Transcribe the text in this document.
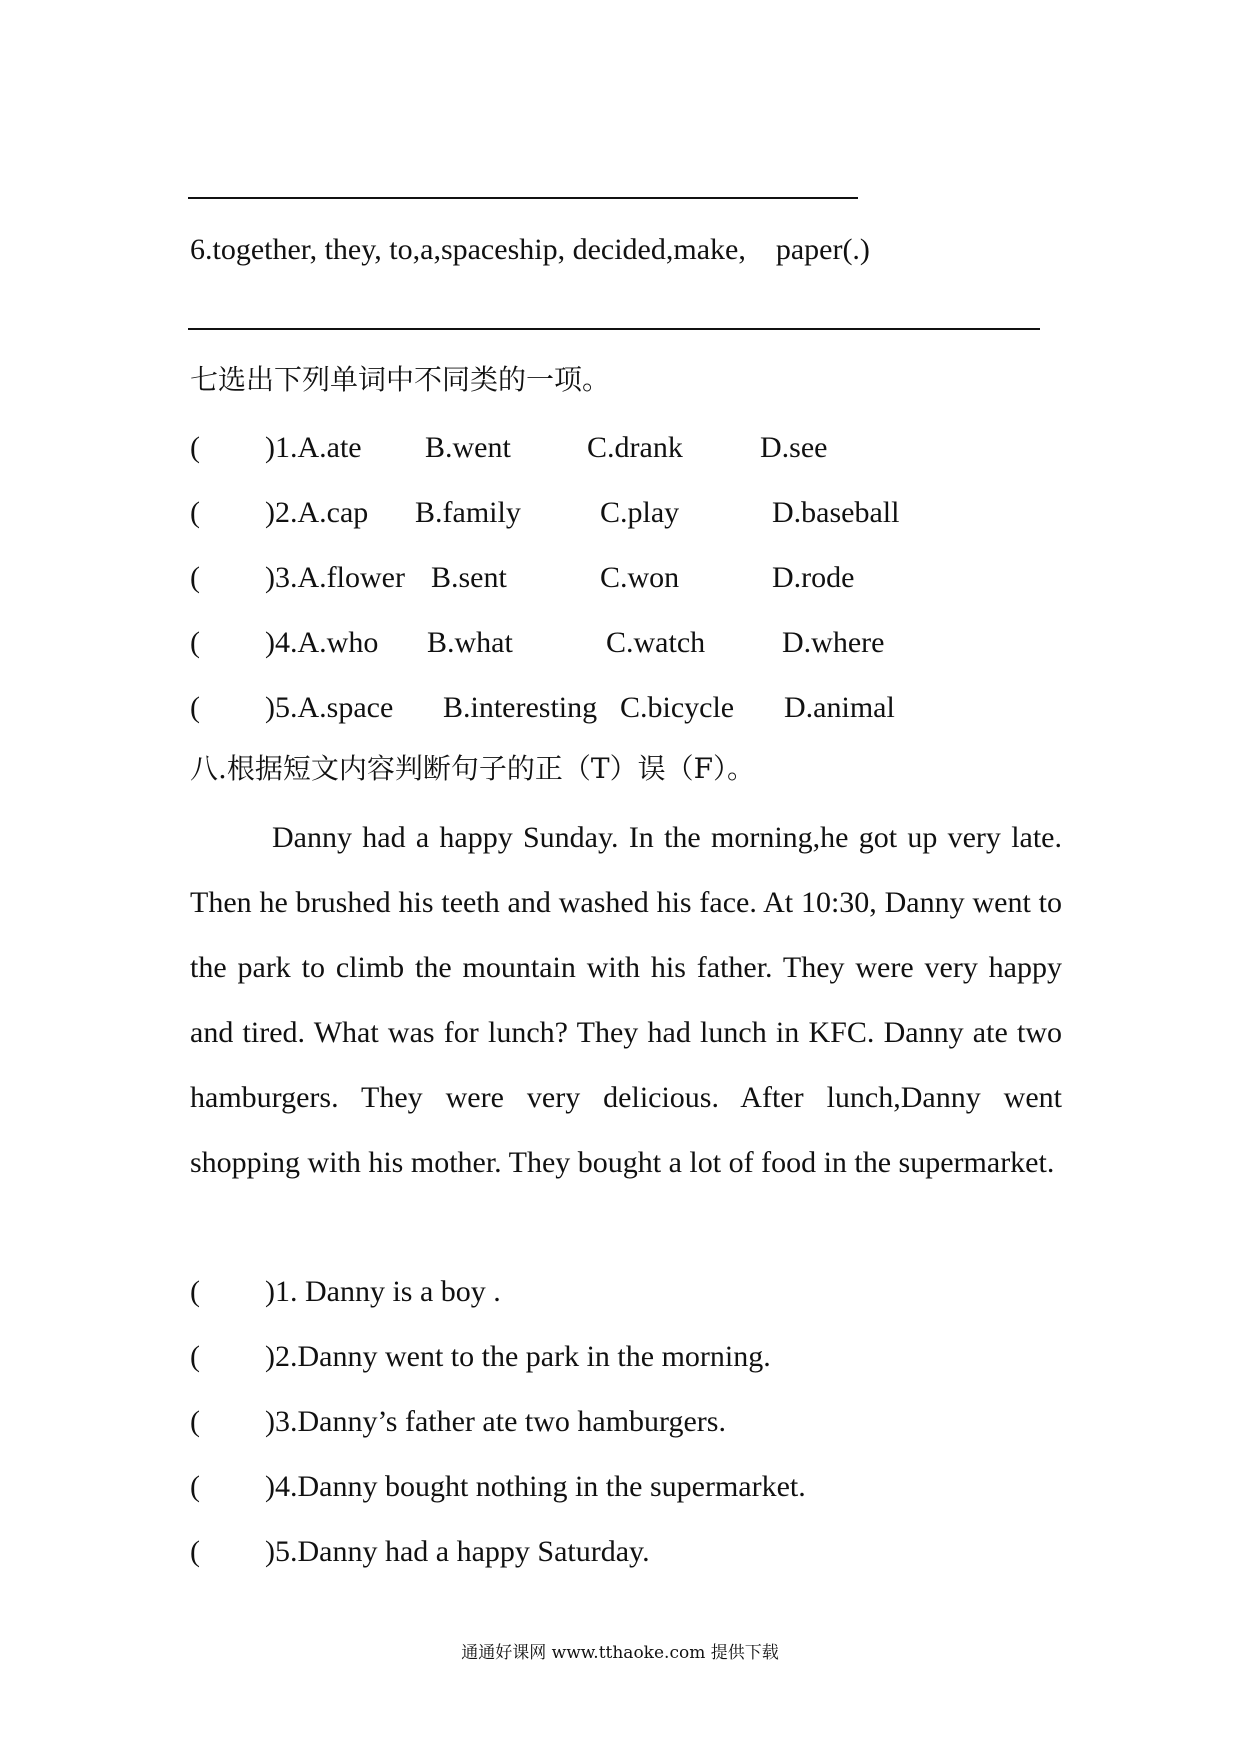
6.together, they, to,a,spaceship, decided,make,    paper(.)
七选出下列单词中不同类的一项。
( )1.A.ate B.went	C.drank	D.see
( )2.A.cap B.family	C.play	D.baseball
( )3.A.flower B.sent	C.won	D.rode
( )4.A.who B.what	C.watch	D.where
( )5.A.space B.interesting C.bicycle D.animal
八.根据短文内容判断句子的正（T）误（F）。

Danny had a happy Sunday. In the morning,he got up very late. Then he brushed his teeth and washed his face. At 10:30, Danny went to the park to climb the mountain with his father. They were very happy and tired. What was for lunch? They had lunch in KFC. Danny ate two hamburgers. They were very delicious. After lunch,Danny went shopping with his mother. They bought a lot of food in the supermarket.

( )1. Danny is a boy .
( )2.Danny went to the park in the morning.
( )3.Danny’s father ate two hamburgers.
( )4.Danny bought nothing in the supermarket.
( )5.Danny had a happy Saturday.
通通好课网 www.tthaoke.com 提供下载
